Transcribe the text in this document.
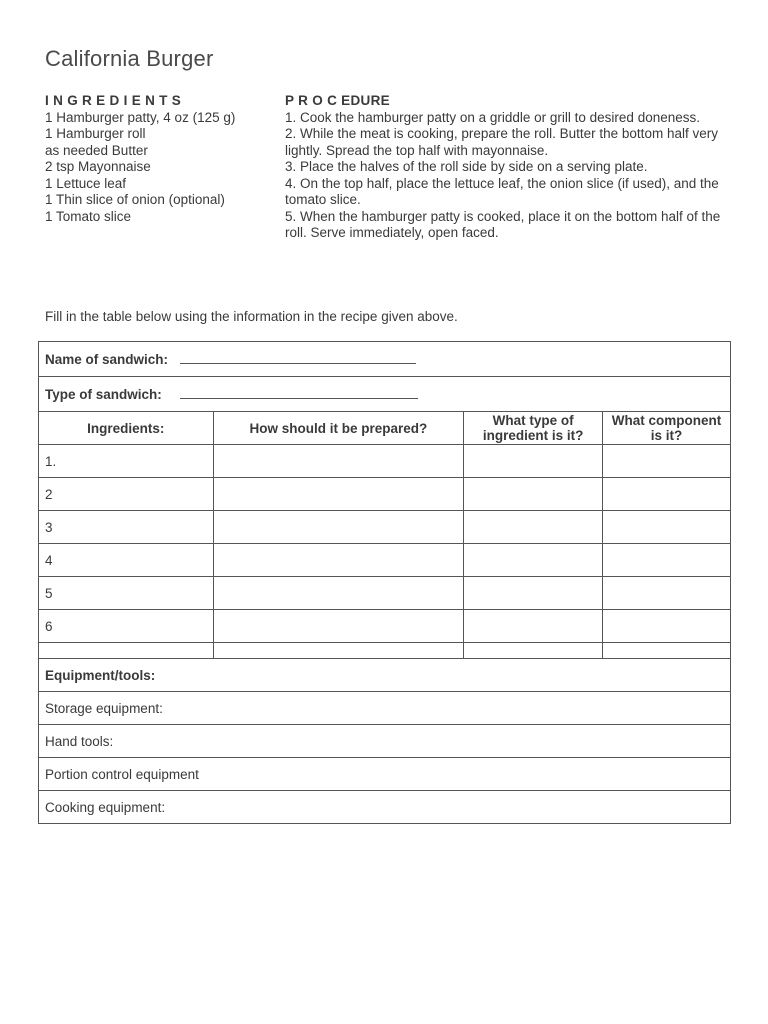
California Burger
I N G R E D I E N T S
1 Hamburger patty, 4 oz (125 g)
1 Hamburger roll
as needed Butter
2 tsp Mayonnaise
1 Lettuce leaf
1 Thin slice of onion (optional)
1 Tomato slice
P R O C EDURE
1. Cook the hamburger patty on a griddle or grill to desired doneness.
2. While the meat is cooking, prepare the roll. Butter the bottom half very lightly. Spread the top half with mayonnaise.
3. Place the halves of the roll side by side on a serving plate.
4. On the top half, place the lettuce leaf, the onion slice (if used), and the tomato slice.
5. When the hamburger patty is cooked, place it on the bottom half of the roll. Serve immediately, open faced.
Fill in the table below using the information in the recipe given above.
Name of sandwich:			
Type of sandwich:			
Ingredients:	How should it be prepared?	What type of ingredient is it?	What component is it?
1.			
2			
3			
4			
5			
6			

Equipment/tools:			
Storage equipment:			
Hand tools:			
Portion control equipment			
Cooking equipment:			
